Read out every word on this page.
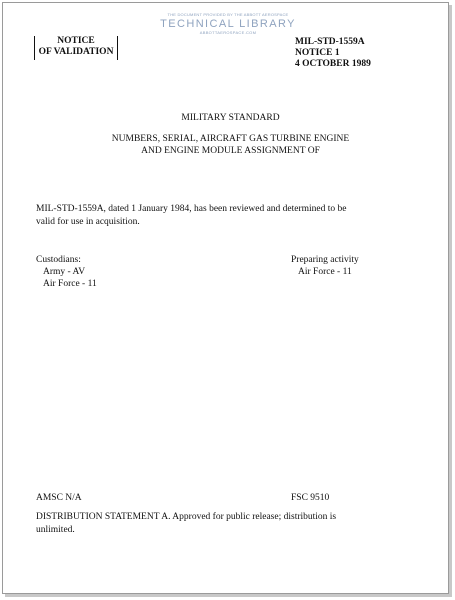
THE DOCUMENT PROVIDED BY THE ABBOTT AEROSPACE
TECHNICAL LIBRARY
ABBOTTAEROSPACE.COM
NOTICE
OF VALIDATION
MIL-STD-1559A
NOTICE 1
4 OCTOBER 1989
MILITARY STANDARD
NUMBERS, SERIAL, AIRCRAFT GAS TURBINE ENGINE
AND ENGINE MODULE ASSIGNMENT OF
MIL-STD-1559A, dated 1 January 1984, has been reviewed and determined to be
valid for use in acquisition.
Custodians:
Army - AV
Air Force - 11
Preparing activity
Air Force - 11
AMSC N/A	FSC 9510
DISTRIBUTION STATEMENT A. Approved for public release; distribution is
unlimited.
